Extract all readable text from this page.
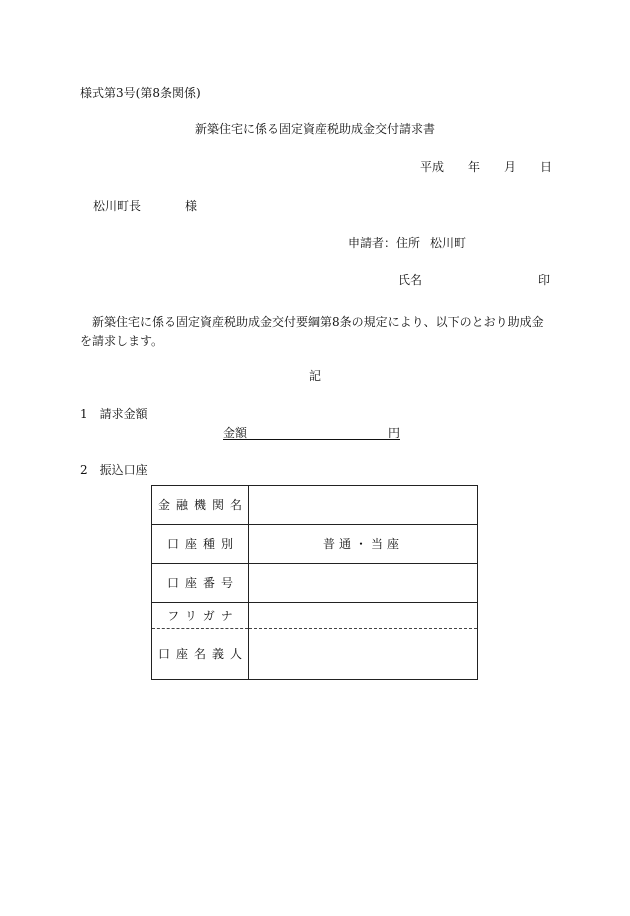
様式第3号(第8条関係)
新築住宅に係る固定資産税助成金交付請求書
平成 年 月 日
松川町長	様
申請者：住所 松川町
氏名	印
新築住宅に係る固定資産税助成金交付要綱第8条の規定により、以下のとおり助成金を請求します。
記
1　請求金額
金額	円
2　振込口座
金融機関名	
口座種別	普通・当座
口座番号	
フリガナ	
口座名義人	
